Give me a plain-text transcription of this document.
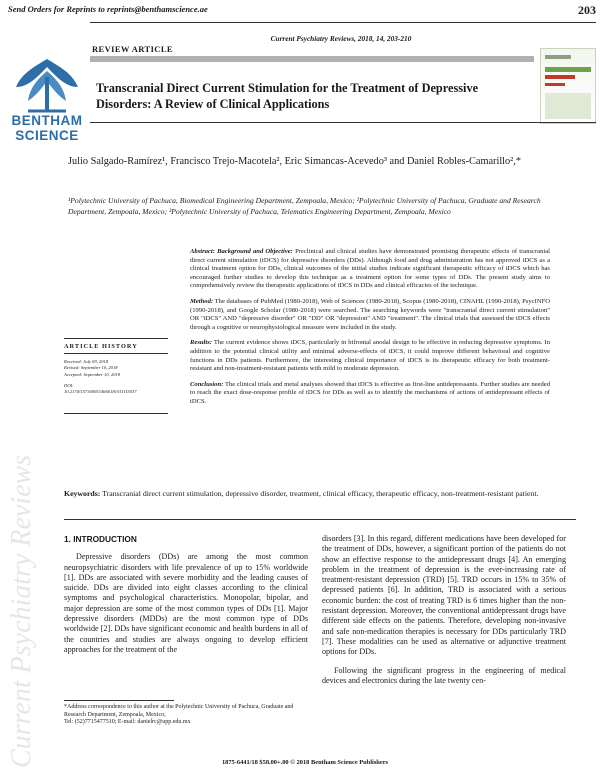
Send Orders for Reprints to reprints@benthamscience.ae	203
Current Psychiatry Reviews, 2018, 14, 203-210
REVIEW ARTICLE
BENTHAM SCIENCE
Transcranial Direct Current Stimulation for the Treatment of Depressive Disorders: A Review of Clinical Applications
Julio Salgado-Ramírez¹, Francisco Trejo-Macotela², Eric Simancas-Acevedo³ and Daniel Robles-Camarillo²,*
¹Polytechnic University of Pachuca, Biomedical Engineering Department, Zempoala, Mexico; ²Polytechnic University of Pachuca, Graduate and Research Department, Zempoala, Mexico; ³Polytechnic University of Pachuca, Telematics Engineering Department, Zempoala, Mexico

Abstract: Background and Objective: Preclinical and clinical studies have demonstrated promising therapeutic effects of transcranial direct current stimulation (tDCS) for depressive disorders (DDs). Although food and drug administration has not approved tDCS as a clinical treatment option for DDs, clinical outcomes of the initial studies indicate significant therapeutic efficacy of tDCS which has encouraged further studies to develop this technique as a treatment option for some types of DDs. The present study aims to comprehensively review the therapeutic applications of tDCS in DDs and clinical efficacies of the technique.

Method: The databases of PubMed (1980-2018), Web of Sciences (1980-2018), Scopus (1980-2018), CINAHL (1990-2018), PsycINFO (1990-2018), and Google Scholar (1980-2018) were searched. The searching keywords were "transcranial direct current stimulation" OR "tDCS" AND "depressive disorder" OR "DD" OR "depression" AND "treatment". The clinical trials that assessed the tDCS effects through a cognitive or neurophysiological measure were included in the study.

Results: The current evidence shows tDCS, particularly in bifrontal anodal design to be effective in reducing depressive symptoms. In addition to the potential clinical utility and minimal adverse-effects of tDCS, it could improve different behavioral and cognitive functions in DDs patients. Furthermore, the interesting clinical importance of tDCS is its therapeutic efficacy for both treatment-resistant and non-treatment-resistant patients with mild to moderate depression.

Conclusion: The clinical trials and metal analyses showed that tDCS is effective as first-line antidepressants. Further studies are needed to reach the exact dose-response profile of tDCS for DDs as well as to identify the mechanisms of actions of antidepressant effects of tDCS.

ARTICLE HISTORY
Received: July 09, 2018
Revised: September 10, 2018
Accepted: September 10, 2018
DOI:
10.2174/1573400514666181011115037
Keywords: Transcranial direct current stimulation, depressive disorder, treatment, clinical efficacy, therapeutic efficacy, non-treatment-resistant patient.
Current Psychiatry Reviews	1. INTRODUCTION

Depressive disorders (DDs) are among the most common neuropsychiatric disorders with life prevalence of up to 15% worldwide [1]. DDs are associated with severe morbidity and the leading causes of suicide. DDs are divided into eight classes according to the clinical symptoms and psychological characteristics. Monopolar, bipolar, and major depression are some of the most common types of DDs [1]. Major depressive disorders (MDDs) are the most common type of DDs worldwide [2]. DDs have significant economic and health burdens in all of the countries and studies are always ongoing to develop efficient approaches for the treatment of the

disorders [3]. In this regard, different medications have been developed for the treatment of DDs, however, a significant portion of the patients do not show an effective response to the antidepressant drugs [4]. An emerging problem in the treatment of depression is the ever-increasing rate of treatment-resistant depression (TRD) [5]. TRD occurs in 15% to 35% of depressed patients [6]. In addition, TRD is associated with a serious economic burden: the cost of treating TRD is 6 times higher than the non-resistant depression. Moreover, the conventional antidepressant drugs have different side effects on the patients. Therefore, developing non-invasive and safe non-medication therapies is necessary for DDs particularly TRD [7]. These modalities can be used as alternative or adjunctive treatment options for DDs.

Following the significant progress in the engineering of medical devices and electronics during the late twenty cen-

*Address correspondence to this author at the Polytechnic University of Pachuca, Graduate and Research Department, Zempoala, Mexico;
Tel: (52)7715477510; E-mail: danielrc@upp.edu.mx
1875-6441/18 $58.00+.00 © 2018 Bentham Science Publishers
